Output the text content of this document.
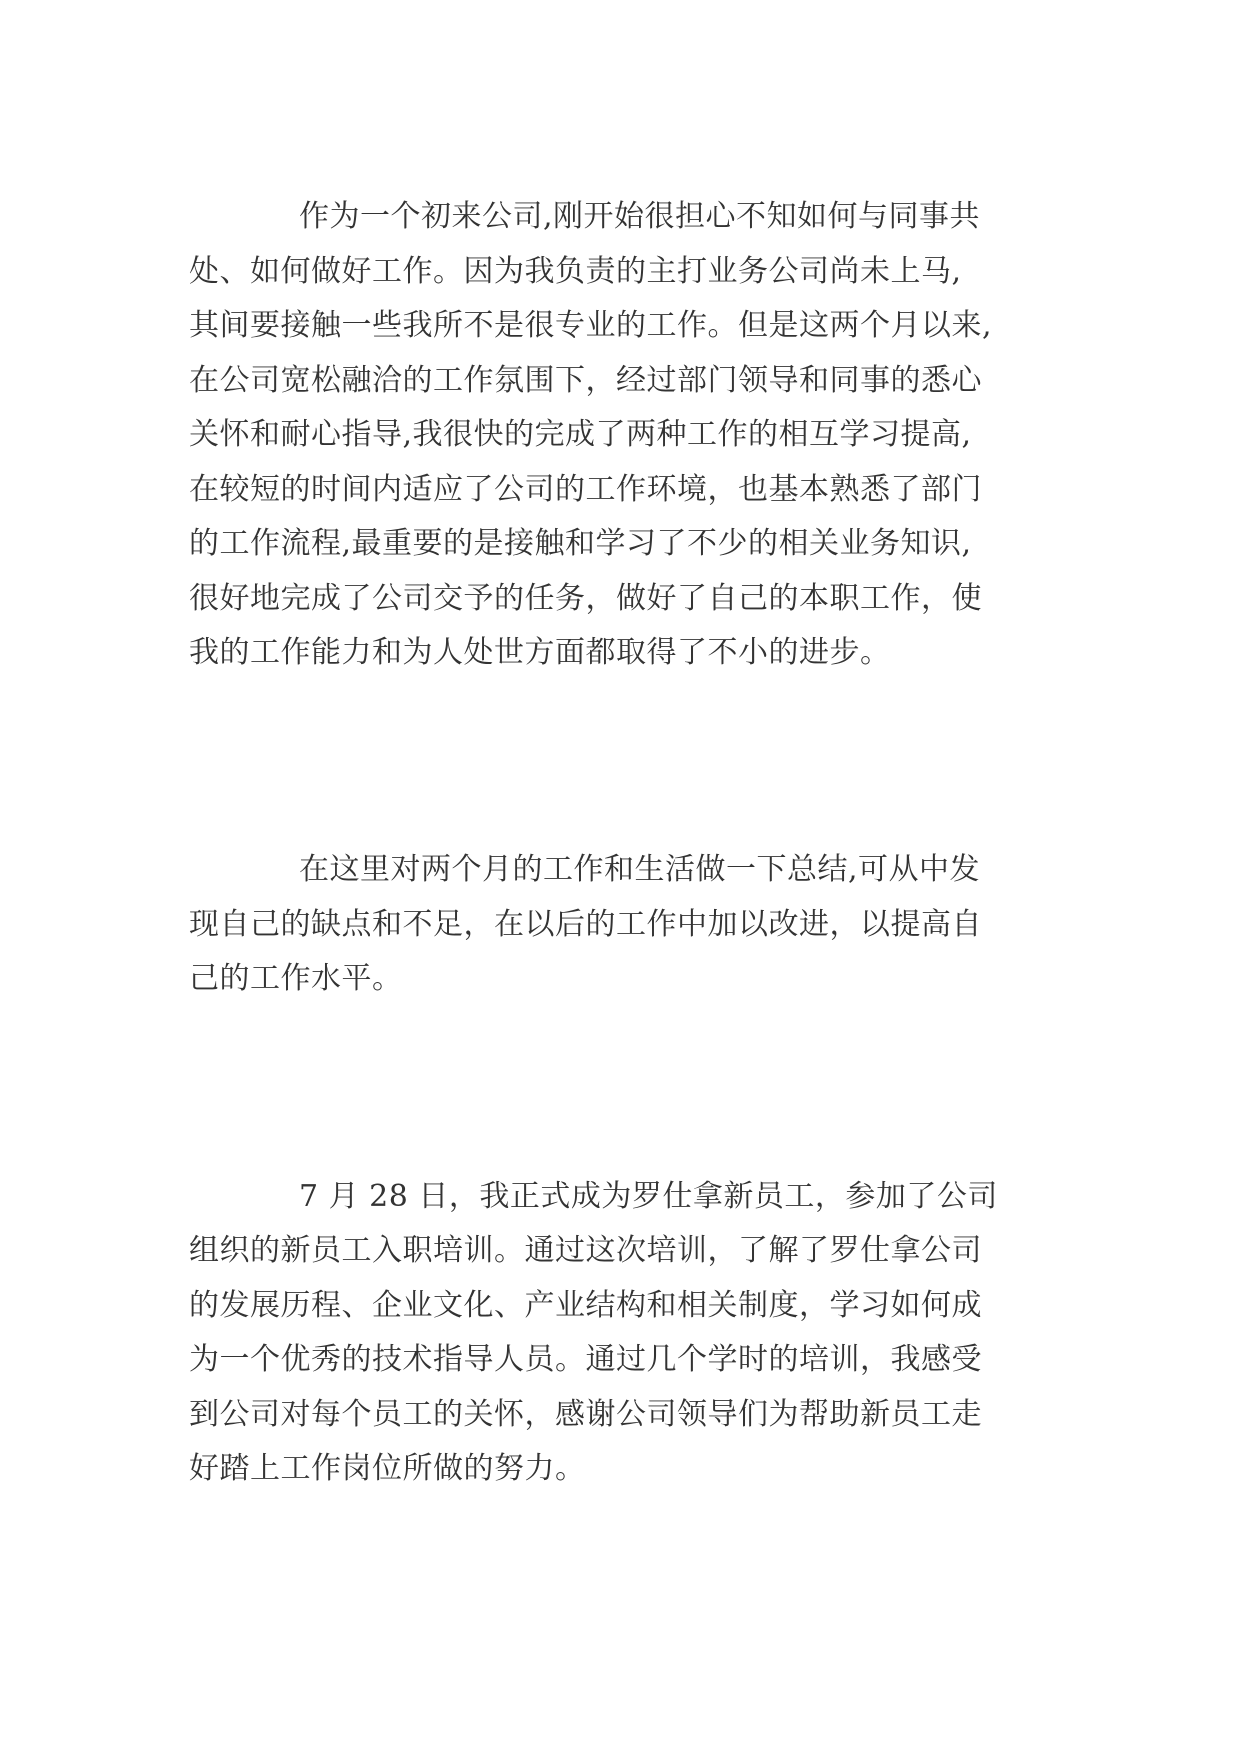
作为一个初来公司,刚开始很担心不知如何与同事共

处、如何做好工作。因为我负责的主打业务公司尚未上马,

其间要接触一些我所不是很专业的工作。但是这两个月以来,

在公司宽松融洽的工作氛围下，经过部门领导和同事的悉心

关怀和耐心指导,我很快的完成了两种工作的相互学习提高,

在较短的时间内适应了公司的工作环境，也基本熟悉了部门

的工作流程,最重要的是接触和学习了不少的相关业务知识,

很好地完成了公司交予的任务，做好了自己的本职工作，使

我的工作能力和为人处世方面都取得了不小的进步。

在这里对两个月的工作和生活做一下总结,可从中发

现自己的缺点和不足，在以后的工作中加以改进，以提高自

己的工作水平。

7 月 28 日，我正式成为罗仕拿新员工，参加了公司

组织的新员工入职培训。通过这次培训，了解了罗仕拿公司

的发展历程、企业文化、产业结构和相关制度，学习如何成

为一个优秀的技术指导人员。通过几个学时的培训，我感受

到公司对每个员工的关怀，感谢公司领导们为帮助新员工走

好踏上工作岗位所做的努力。
